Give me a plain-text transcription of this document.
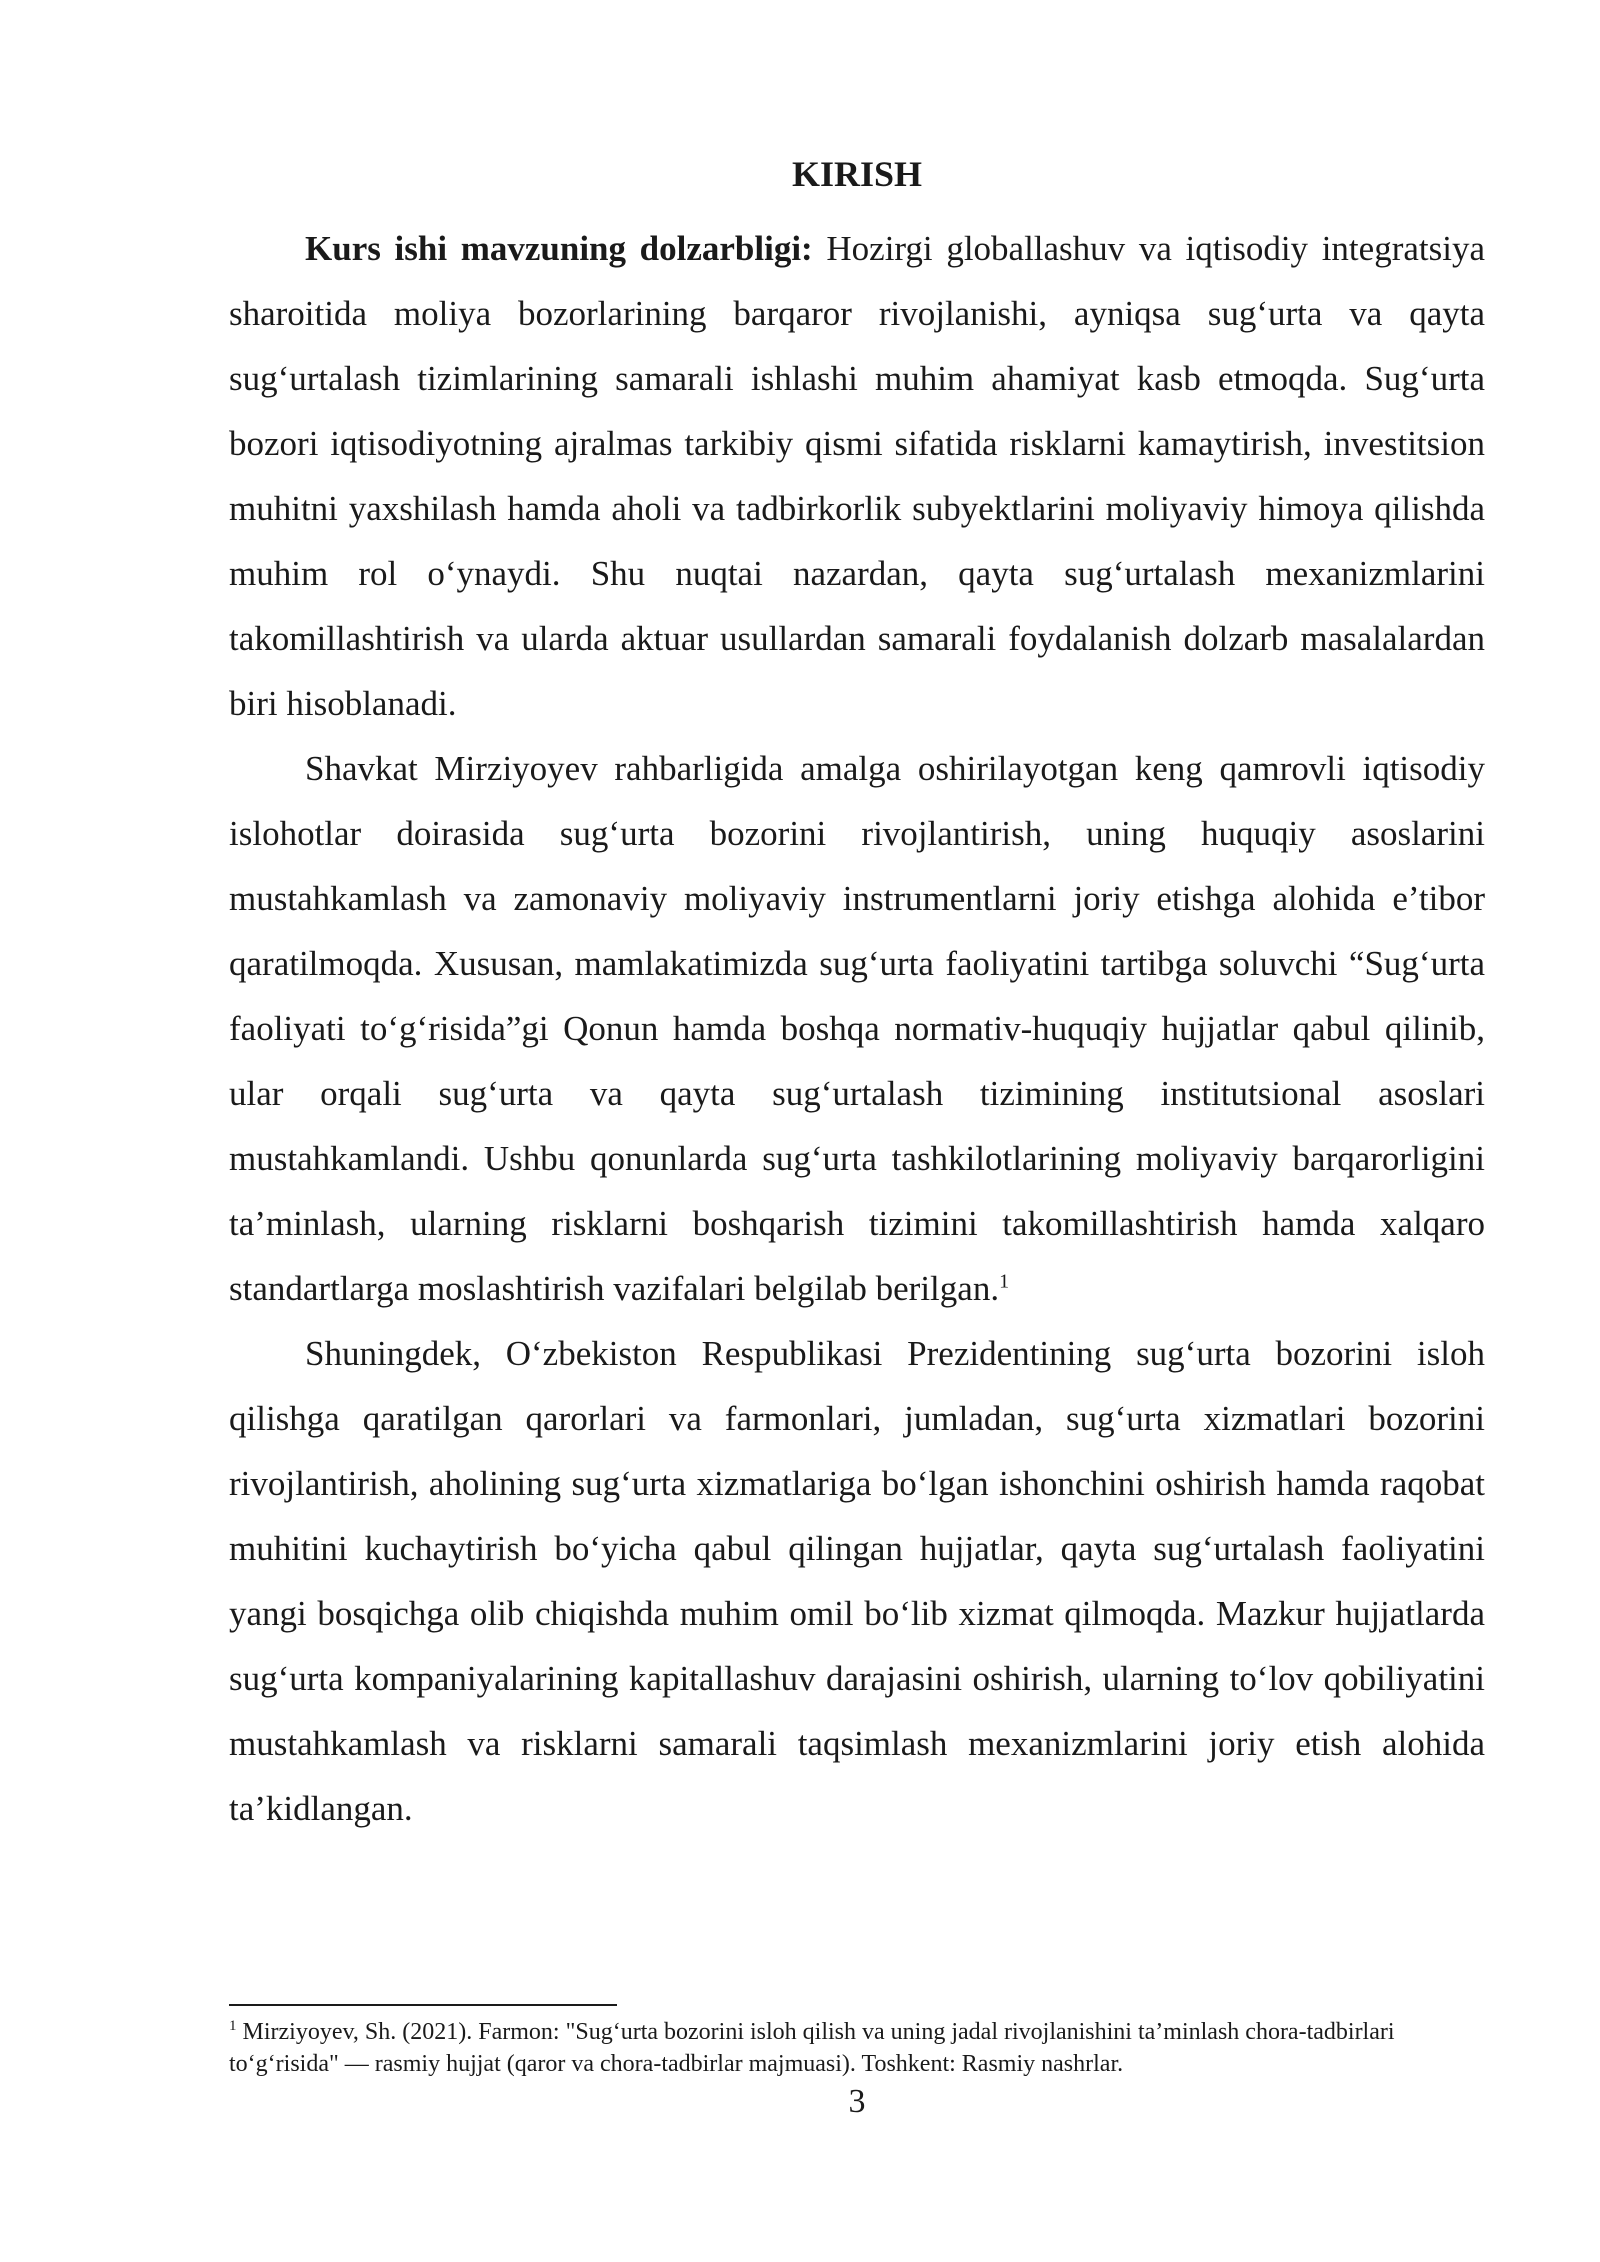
KIRISH

Kurs ishi mavzuning dolzarbligi: Hozirgi globallashuv va iqtisodiy integratsiya sharoitida moliya bozorlarining barqaror rivojlanishi, ayniqsa sug‘urta va qayta sug‘urtalash tizimlarining samarali ishlashi muhim ahamiyat kasb etmoqda. Sug‘urta bozori iqtisodiyotning ajralmas tarkibiy qismi sifatida risklarni kamaytirish, investitsion muhitni yaxshilash hamda aholi va tadbirkorlik subyektlarini moliyaviy himoya qilishda muhim rol o‘ynaydi. Shu nuqtai nazardan, qayta sug‘urtalash mexanizmlarini takomillashtirish va ularda aktuar usullardan samarali foydalanish dolzarb masalalardan biri hisoblanadi.

Shavkat Mirziyoyev rahbarligida amalga oshirilayotgan keng qamrovli iqtisodiy islohotlar doirasida sug‘urta bozorini rivojlantirish, uning huquqiy asoslarini mustahkamlash va zamonaviy moliyaviy instrumentlarni joriy etishga alohida e’tibor qaratilmoqda. Xususan, mamlakatimizda sug‘urta faoliyatini tartibga soluvchi “Sug‘urta faoliyati to‘g‘risida”gi Qonun hamda boshqa normativ-huquqiy hujjatlar qabul qilinib, ular orqali sug‘urta va qayta sug‘urtalash tizimining institutsional asoslari mustahkamlandi. Ushbu qonunlarda sug‘urta tashkilotlarining moliyaviy barqarorligini ta’minlash, ularning risklarni boshqarish tizimini takomillashtirish hamda xalqaro standartlarga moslashtirish vazifalari belgilab berilgan.$^1$

Shuningdek, O‘zbekiston Respublikasi Prezidentining sug‘urta bozorini isloh qilishga qaratilgan qarorlari va farmonlari, jumladan, sug‘urta xizmatlari bozorini rivojlantirish, aholining sug‘urta xizmatlariga bo‘lgan ishonchini oshirish hamda raqobat muhitini kuchaytirish bo‘yicha qabul qilingan hujjatlar, qayta sug‘urtalash faoliyatini yangi bosqichga olib chiqishda muhim omil bo‘lib xizmat qilmoqda. Mazkur hujjatlarda sug‘urta kompaniyalarining kapitallashuv darajasini oshirish, ularning to‘lov qobiliyatini mustahkamlash va risklarni samarali taqsimlash mexanizmlarini joriy etish alohida ta’kidlangan.

$^1$ Mirziyoyev, Sh. (2021). Farmon: "Sug‘urta bozorini isloh qilish va uning jadal rivojlanishini ta’minlash chora-tadbirlari to‘g‘risida" — rasmiy hujjat (qaror va chora-tadbirlar majmuasi). Toshkent: Rasmiy nashrlar.

3
